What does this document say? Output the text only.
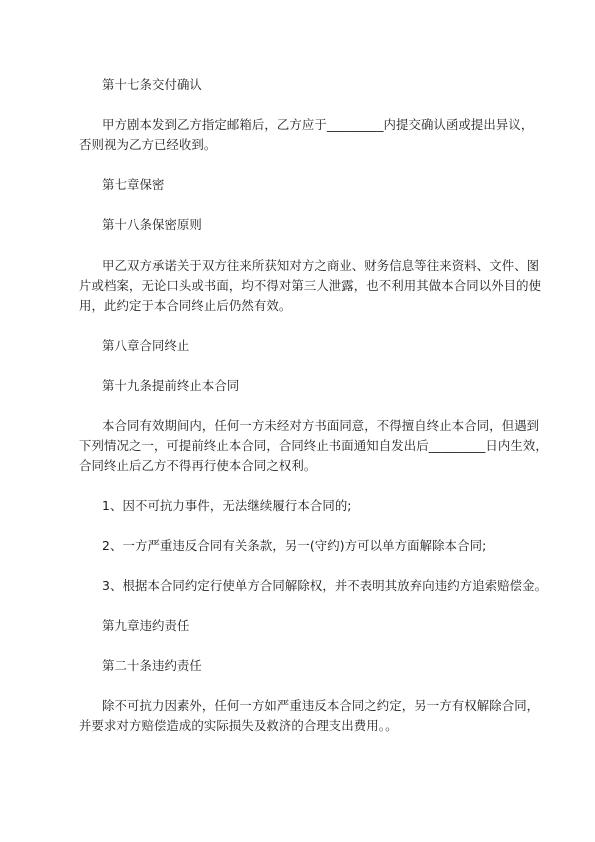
第十七条交付确认
甲方剧本发到乙方指定邮箱后，乙方应于_________内提交确认函或提出异议，
否则视为乙方已经收到。
第七章保密
第十八条保密原则
甲乙双方承诺关于双方往来所获知对方之商业、财务信息等往来资料、文件、图
片或档案，无论口头或书面，均不得对第三人泄露，也不利用其做本合同以外目的使
用，此约定于本合同终止后仍然有效。
第八章合同终止
第十九条提前终止本合同
本合同有效期间内，任何一方未经对方书面同意，不得擅自终止本合同，但遇到
下列情况之一，可提前终止本合同，合同终止书面通知自发出后_________日内生效，
合同终止后乙方不得再行使本合同之权利。
1、因不可抗力事件，无法继续履行本合同的;
2、一方严重违反合同有关条款，另一(守约)方可以单方面解除本合同;
3、根据本合同约定行使单方合同解除权，并不表明其放弃向违约方追索赔偿金。
第九章违约责任
第二十条违约责任
除不可抗力因素外，任何一方如严重违反本合同之约定，另一方有权解除合同，
并要求对方赔偿造成的实际损失及救济的合理支出费用。。
